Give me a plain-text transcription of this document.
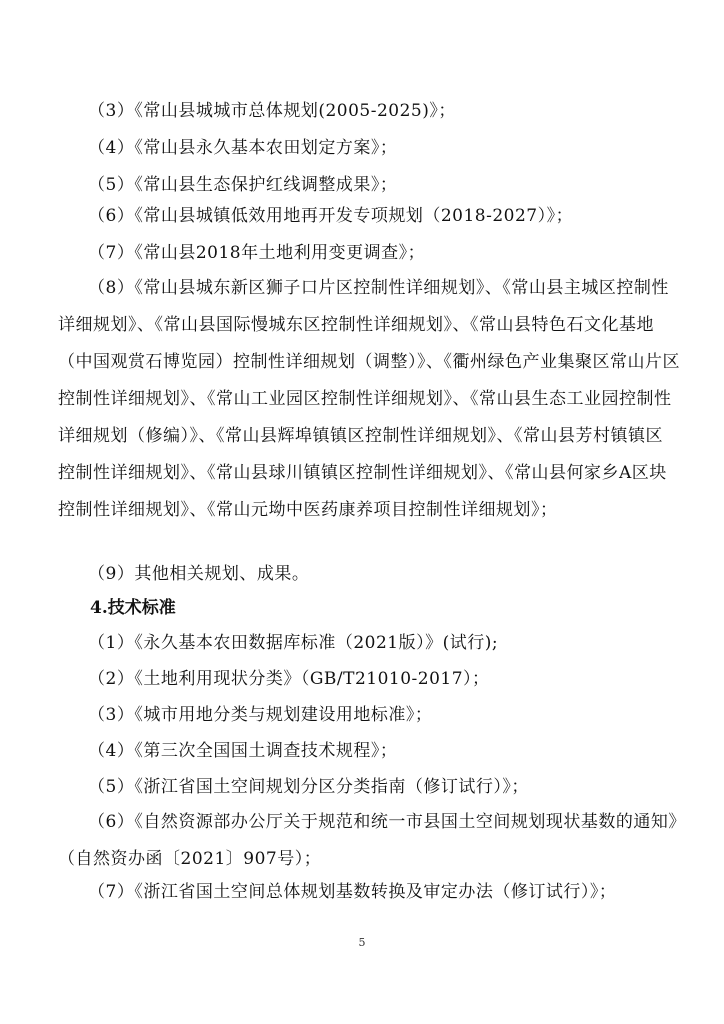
（3）《常山县城城市总体规划(2005-2025)》；
（4）《常山县永久基本农田划定方案》；
（5）《常山县生态保护红线调整成果》；
（6）《常山县城镇低效用地再开发专项规划（2018-2027）》；
（7）《常山县2018年土地利用变更调查》；
（8）《常山县城东新区狮子口片区控制性详细规划》、《常山县主城区控制性详细规划》、《常山县国际慢城东区控制性详细规划》、《常山县特色石文化基地（中国观赏石博览园）控制性详细规划（调整）》、《衢州绿色产业集聚区常山片区控制性详细规划》、《常山工业园区控制性详细规划》、《常山县生态工业园控制性详细规划（修编）》、《常山县辉埠镇镇区控制性详细规划》、《常山县芳村镇镇区控制性详细规划》、《常山县球川镇镇区控制性详细规划》、《常山县何家乡A区块控制性详细规划》、《常山元坳中医药康养项目控制性详细规划》；
（9）其他相关规划、成果。
4.技术标准
（1）《永久基本农田数据库标准（2021版）》(试行);
（2）《土地利用现状分类》（GB/T21010-2017）；
（3）《城市用地分类与规划建设用地标准》；
（4）《第三次全国国土调查技术规程》；
（5）《浙江省国土空间规划分区分类指南（修订试行）》；
（6）《自然资源部办公厅关于规范和统一市县国土空间规划现状基数的通知》（自然资办函〔2021〕907号）；
（7）《浙江省国土空间总体规划基数转换及审定办法（修订试行）》；
5
